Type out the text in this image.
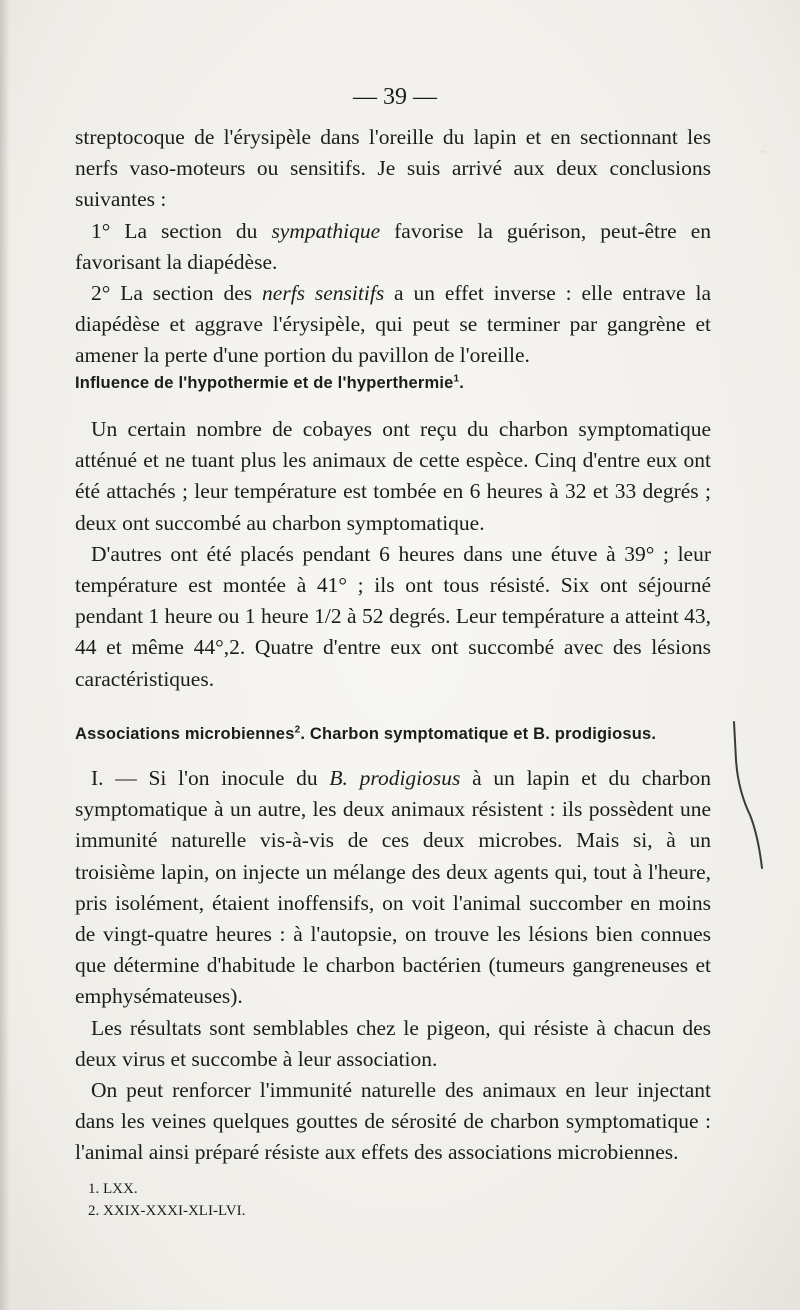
— 39 —

streptocoque de l'érysipèle dans l'oreille du lapin et en sectionnant les nerfs vaso-moteurs ou sensitifs. Je suis arrivé aux deux conclusions suivantes :

1° La section du sympathique favorise la guérison, peut-être en favorisant la diapédèse.

2° La section des nerfs sensitifs a un effet inverse : elle entrave la diapédèse et aggrave l'érysipèle, qui peut se terminer par gangrène et amener la perte d'une portion du pavillon de l'oreille.

Influence de l'hypothermie et de l'hyperthermie$^1$.

Un certain nombre de cobayes ont reçu du charbon symptomatique atténué et ne tuant plus les animaux de cette espèce. Cinq d'entre eux ont été attachés ; leur température est tombée en 6 heures à 32 et 33 degrés ; deux ont succombé au charbon symptomatique.

D'autres ont été placés pendant 6 heures dans une étuve à 39° ; leur température est montée à 41° ; ils ont tous résisté. Six ont séjourné pendant 1 heure ou 1 heure 1/2 à 52 degrés. Leur température a atteint 43, 44 et même 44°,2. Quatre d'entre eux ont succombé avec des lésions caractéristiques.

Associations microbiennes$^2$. Charbon symptomatique et B. prodigiosus.

I. — Si l'on inocule du B. prodigiosus à un lapin et du charbon symptomatique à un autre, les deux animaux résistent : ils possèdent une immunité naturelle vis-à-vis de ces deux microbes. Mais si, à un troisième lapin, on injecte un mélange des deux agents qui, tout à l'heure, pris isolément, étaient inoffensifs, on voit l'animal succomber en moins de vingt-quatre heures : à l'autopsie, on trouve les lésions bien connues que détermine d'habitude le charbon bactérien (tumeurs gangreneuses et emphysémateuses).

Les résultats sont semblables chez le pigeon, qui résiste à chacun des deux virus et succombe à leur association.

On peut renforcer l'immunité naturelle des animaux en leur injectant dans les veines quelques gouttes de sérosité de charbon symptomatique : l'animal ainsi préparé résiste aux effets des associations microbiennes.

1. LXX.
2. XXIX-XXXI-XLI-LVI.
